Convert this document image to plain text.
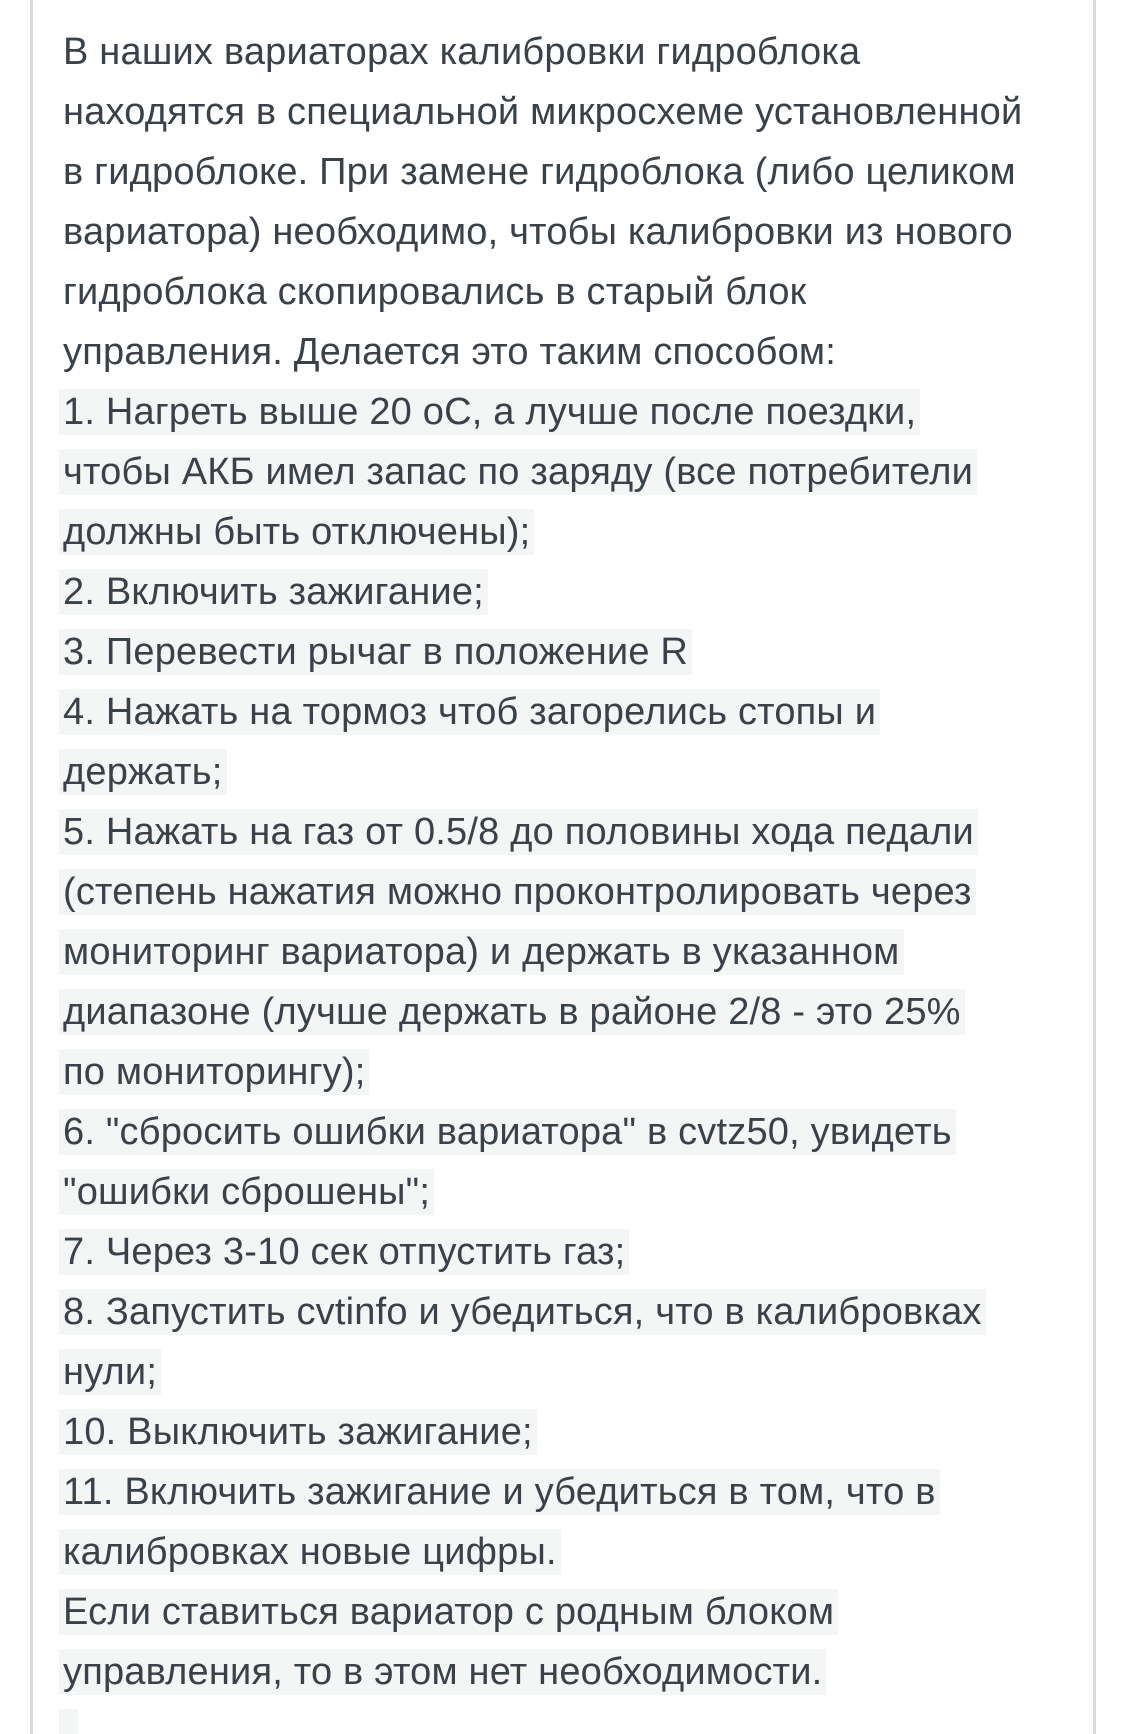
В наших вариаторах калибровки гидроблока
находятся в специальной микросхеме установленной
в гидроблоке. При замене гидроблока (либо целиком
вариатора) необходимо, чтобы калибровки из нового
гидроблока скопировались в старый блок
управления. Делается это таким способом:

1. Нагреть выше 20 оС, а лучше после поездки,
чтобы АКБ имел запас по заряду (все потребители
должны быть отключены);

2. Включить зажигание;

3. Перевести рычаг в положение R

4. Нажать на тормоз чтоб загорелись стопы и
держать;

5. Нажать на газ от 0.5/8 до половины хода педали
(степень нажатия можно проконтролировать через
мониторинг вариатора) и держать в указанном
диапазоне (лучше держать в районе 2/8 - это 25%
по мониторингу);

6. "сбросить ошибки вариатора" в cvtz50, увидеть
"ошибки сброшены";

7. Через 3-10 сек отпустить газ;

8. Запустить cvtinfo и убедиться, что в калибровках
нули;

10. Выключить зажигание;

11. Включить зажигание и убедиться в том, что в
калибровках новые цифры.

Если ставиться вариатор с родным блоком
управления, то в этом нет необходимости.
